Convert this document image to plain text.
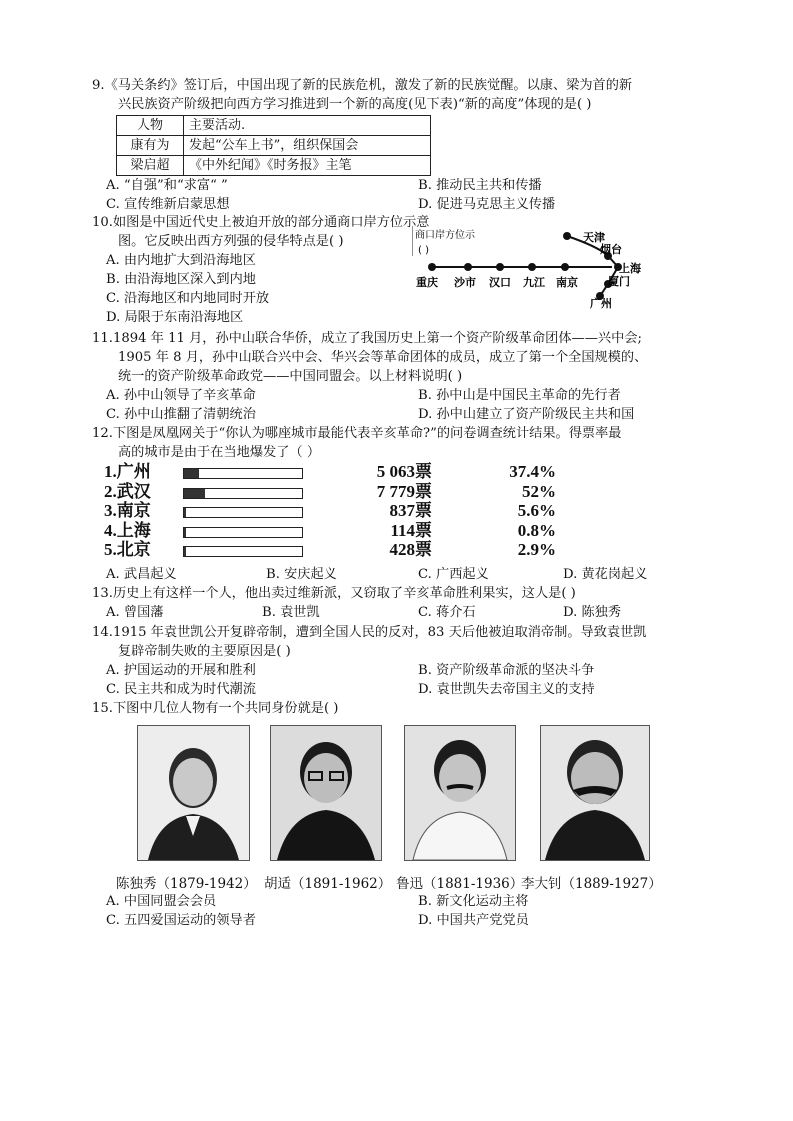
9.《马关条约》签订后，中国出现了新的民族危机，激发了新的民族觉醒。以康、梁为首的新
兴民族资产阶级把向西方学习推进到一个新的高度(见下表)“新的高度”体现的是( )
人物	主要活动.
康有为	发起“公车上书”，组织保国会
梁启超	《中外纪闻》《时务报》主笔
A. “自强”和“求富“ ”	B. 推动民主共和传播
C. 宣传维新启蒙思想	D. 促进马克思主义传播
10.如图是中国近代史上被迫开放的部分通商口岸方位示意
图。它反映出西方列强的侵华特点是( )
A. 由内地扩大到沿海地区
B. 由沿海地区深入到内地
C. 沿海地区和内地同时开放
D. 局限于东南沿海地区
商口岸方位示
( )
天津
烟台
上海
厦门
广州
重庆 沙市 汉口 九江 南京
11.1894 年 11 月，孙中山联合华侨，成立了我国历史上第一个资产阶级革命团体——兴中会;
1905 年 8 月，孙中山联合兴中会、华兴会等革命团体的成员，成立了第一个全国规模的、
统一的资产阶级革命政党——中国同盟会。以上材料说明( )
A. 孙中山领导了辛亥革命	B. 孙中山是中国民主革命的先行者
C. 孙中山推翻了清朝统治	D. 孙中山建立了资产阶级民主共和国
12.下图是凤凰网关于“你认为哪座城市最能代表辛亥革命?”的问卷调查统计结果。得票率最
高的城市是由于在当地爆发了（ ）
1.广州	5 063票	37.4%
2.武汉	7 779票	52%
3.南京	837票	5.6%
4.上海	114票	0.8%
5.北京	428票	2.9%
A. 武昌起义	B. 安庆起义	C. 广西起义	D. 黄花岗起义
13.历史上有这样一个人，他出卖过维新派，又窃取了辛亥革命胜利果实，这人是( )
A. 曾国藩	B. 袁世凯	C. 蒋介石	D. 陈独秀
14.1915 年袁世凯公开复辟帝制，遭到全国人民的反对，83 天后他被迫取消帝制。导致袁世凯
复辟帝制失败的主要原因是( )
A. 护国运动的开展和胜利	B. 资产阶级革命派的坚决斗争
C. 民主共和成为时代潮流	D. 袁世凯失去帝国主义的支持
15.下图中几位人物有一个共同身份就是( )
陈独秀（1879-1942） 胡适（1891-1962） 鲁迅（1881-1936）
李大钊（1889-1927）
A. 中国同盟会会员	B. 新文化运动主将
C. 五四爱国运动的领导者	D. 中国共产党党员
